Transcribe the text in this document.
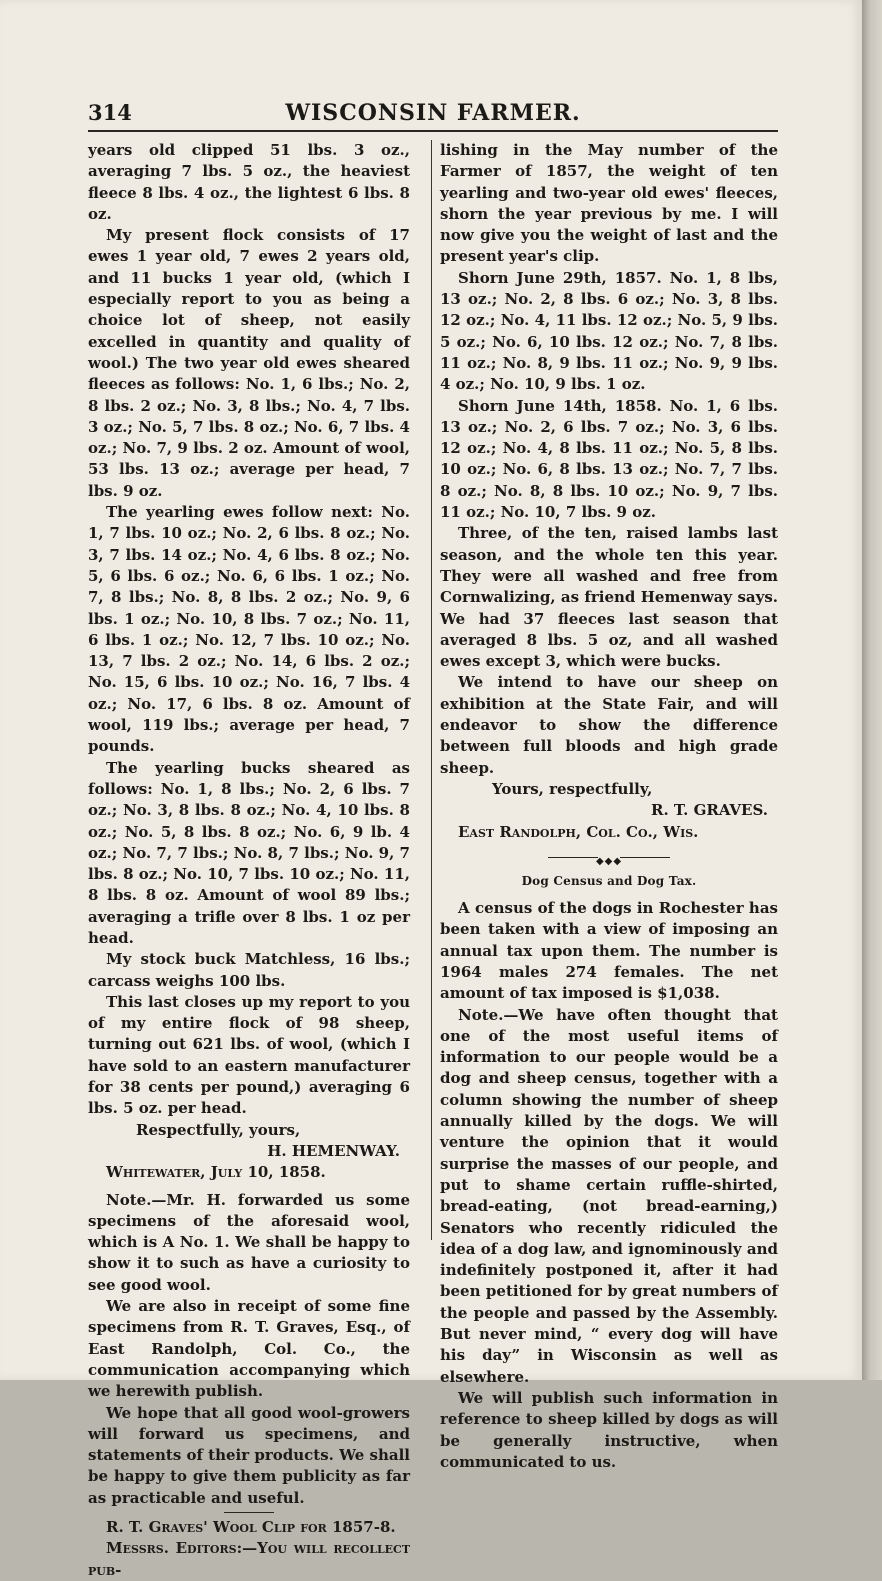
314	WISCONSIN FARMER.

years old clipped 51 lbs. 3 oz., averaging 7 lbs. 5 oz., the heaviest fleece 8 lbs. 4 oz., the lightest 6 lbs. 8 oz.

My present flock consists of 17 ewes 1 year old, 7 ewes 2 years old, and 11 bucks 1 year old, (which I especially report to you as being a choice lot of sheep, not easily excelled in quantity and quality of wool.) The two year old ewes sheared fleeces as follows: No. 1, 6 lbs.; No. 2, 8 lbs. 2 oz.; No. 3, 8 lbs.; No. 4, 7 lbs. 3 oz.; No. 5, 7 lbs. 8 oz.; No. 6, 7 lbs. 4 oz.; No. 7, 9 lbs. 2 oz. Amount of wool, 53 lbs. 13 oz.; average per head, 7 lbs. 9 oz.

The yearling ewes follow next: No. 1, 7 lbs. 10 oz.; No. 2, 6 lbs. 8 oz.; No. 3, 7 lbs. 14 oz.; No. 4, 6 lbs. 8 oz.; No. 5, 6 lbs. 6 oz.; No. 6, 6 lbs. 1 oz.; No. 7, 8 lbs.; No. 8, 8 lbs. 2 oz.; No. 9, 6 lbs. 1 oz.; No. 10, 8 lbs. 7 oz.; No. 11, 6 lbs. 1 oz.; No. 12, 7 lbs. 10 oz.; No. 13, 7 lbs. 2 oz.; No. 14, 6 lbs. 2 oz.; No. 15, 6 lbs. 10 oz.; No. 16, 7 lbs. 4 oz.; No. 17, 6 lbs. 8 oz. Amount of wool, 119 lbs.; average per head, 7 pounds.

The yearling bucks sheared as follows: No. 1, 8 lbs.; No. 2, 6 lbs. 7 oz.; No. 3, 8 lbs. 8 oz.; No. 4, 10 lbs. 8 oz.; No. 5, 8 lbs. 8 oz.; No. 6, 9 lb. 4 oz.; No. 7, 7 lbs.; No. 8, 7 lbs.; No. 9, 7 lbs. 8 oz.; No. 10, 7 lbs. 10 oz.; No. 11, 8 lbs. 8 oz. Amount of wool 89 lbs.; averaging a trifle over 8 lbs. 1 oz per head.

My stock buck Matchless, 16 lbs.; carcass weighs 100 lbs.

This last closes up my report to you of my entire flock of 98 sheep, turning out 621 lbs. of wool, (which I have sold to an eastern manufacturer for 38 cents per pound,) averaging 6 lbs. 5 oz. per head.

Respectfully, yours,

H. HEMENWAY.

Whitewater, July 10, 1858.

Note.—Mr. H. forwarded us some specimens of the aforesaid wool, which is A No. 1. We shall be happy to show it to such as have a curiosity to see good wool.

We are also in receipt of some fine specimens from R. T. Graves, Esq., of East Randolph, Col. Co., the communication accompanying which we herewith publish.

We hope that all good wool-growers will forward us specimens, and statements of their products. We shall be happy to give them publicity as far as practicable and useful.

R. T. Graves' Wool Clip for 1857-8.

Messrs. Editors:—You will recollect pub-

lishing in the May number of the Farmer of 1857, the weight of ten yearling and two-year old ewes' fleeces, shorn the year previous by me. I will now give you the weight of last and the present year's clip.

Shorn June 29th, 1857. No. 1, 8 lbs, 13 oz.; No. 2, 8 lbs. 6 oz.; No. 3, 8 lbs. 12 oz.; No. 4, 11 lbs. 12 oz.; No. 5, 9 lbs. 5 oz.; No. 6, 10 lbs. 12 oz.; No. 7, 8 lbs. 11 oz.; No. 8, 9 lbs. 11 oz.; No. 9, 9 lbs. 4 oz.; No. 10, 9 lbs. 1 oz.

Shorn June 14th, 1858. No. 1, 6 lbs. 13 oz.; No. 2, 6 lbs. 7 oz.; No. 3, 6 lbs. 12 oz.; No. 4, 8 lbs. 11 oz.; No. 5, 8 lbs. 10 oz.; No. 6, 8 lbs. 13 oz.; No. 7, 7 lbs. 8 oz.; No. 8, 8 lbs. 10 oz.; No. 9, 7 lbs. 11 oz.; No. 10, 7 lbs. 9 oz.

Three, of the ten, raised lambs last season, and the whole ten this year. They were all washed and free from Cornwalizing, as friend Hemenway says. We had 37 fleeces last season that averaged 8 lbs. 5 oz, and all washed ewes except 3, which were bucks.

We intend to have our sheep on exhibition at the State Fair, and will endeavor to show the difference between full bloods and high grade sheep.

Yours, respectfully,

R. T. GRAVES.

East Randolph, Col. Co., Wis.

◆◆◆
Dog Census and Dog Tax.

A census of the dogs in Rochester has been taken with a view of imposing an annual tax upon them. The number is 1964 males 274 females. The net amount of tax imposed is $1,038.

Note.—We have often thought that one of the most useful items of information to our people would be a dog and sheep census, together with a column showing the number of sheep annually killed by the dogs. We will venture the opinion that it would surprise the masses of our people, and put to shame certain ruffle-shirted, bread-eating, (not bread-earning,) Senators who recently ridiculed the idea of a dog law, and ignominously and indefinitely postponed it, after it had been petitioned for by great numbers of the people and passed by the Assembly. But never mind, “ every dog will have his day” in Wisconsin as well as elsewhere.

We will publish such information in reference to sheep killed by dogs as will be generally instructive, when communicated to us.
